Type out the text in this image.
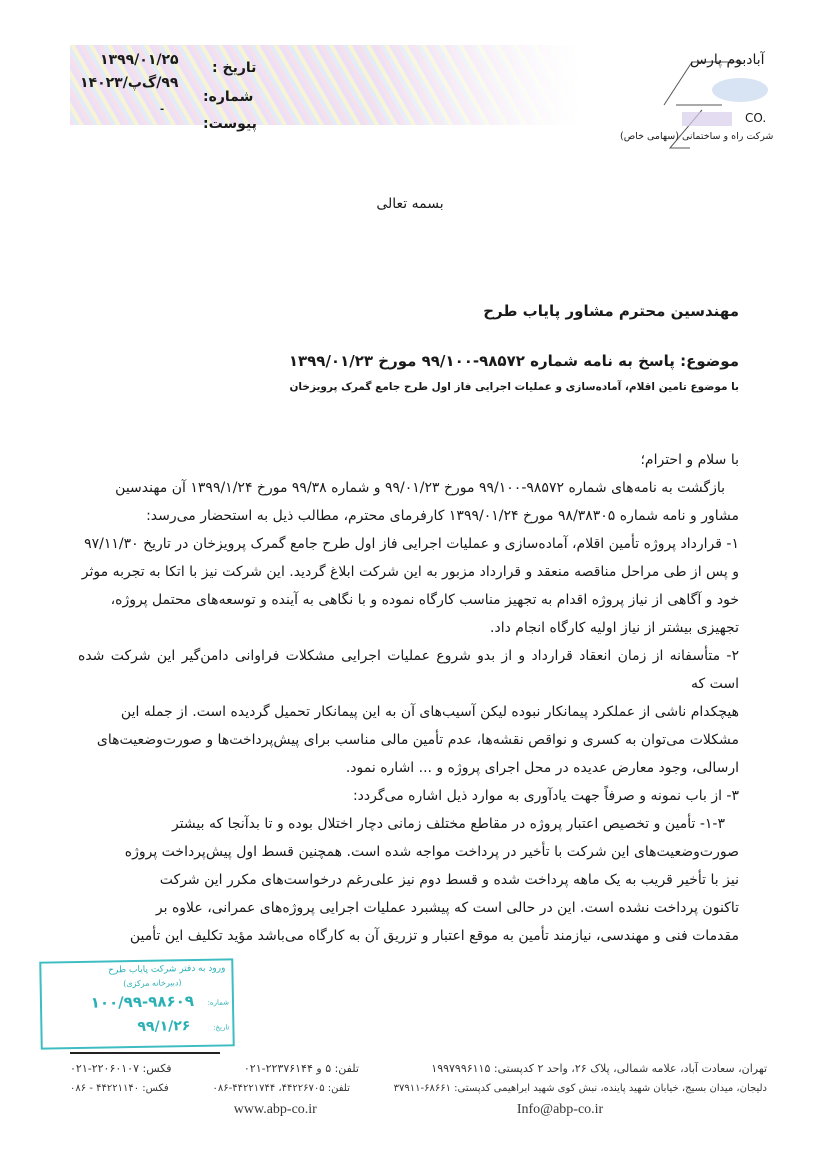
آبادبوم پارس
CO.
شرکت راه و ساختمانی (سهامی خاص)
تاریخ :
۱۳۹۹/۰۱/۲۵
شماره:
۹۹/گ‌پ/۱۴۰۲۳
پیوست:
-
بسمه تعالی
مهندسین محترم مشاور پایاب طرح
موضوع: پاسخ به نامه شماره ۹۸۵۷۲-۹۹/۱۰۰ مورخ ۱۳۹۹/۰۱/۲۳
با موضوع تامین اقلام، آماده‌سازی و عملیات اجرایی فاز اول طرح جامع گمرک پرویزخان
با سلام و احترام؛
بازگشت به نامه‌های شماره ۹۸۵۷۲-۹۹/۱۰۰ مورخ ۹۹/۰۱/۲۳ و شماره ۹۹/۳۸ مورخ ۱۳۹۹/۱/۲۴ آن مهندسین
مشاور و نامه شماره ۹۸/۳۸۳۰۵ مورخ ۱۳۹۹/۰۱/۲۴ کارفرمای محترم، مطالب ذیل به استحضار می‌رسد:
۱- قرارداد پروژه تأمین اقلام، آماده‌سازی و عملیات اجرایی فاز اول طرح جامع گمرک پرویزخان در تاریخ ۹۷/۱۱/۳۰
و پس از طی مراحل مناقصه منعقد و قرارداد مزبور به این شرکت ابلاغ گردید. این شرکت نیز با اتکا به تجربه موثر
خود و آگاهی از نیاز پروژه اقدام به تجهیز مناسب کارگاه نموده و با نگاهی به آینده و توسعه‌های محتمل پروژه،
تجهیزی بیشتر از نیاز اولیه کارگاه انجام داد.
۲- متأسفانه از زمان انعقاد قرارداد و از بدو شروع عملیات اجرایی مشکلات فراوانی دامن‌گیر این شرکت شده است که
هیچکدام ناشی از عملکرد پیمانکار نبوده لیکن آسیب‌های آن به این پیمانکار تحمیل گردیده است. از جمله این
مشکلات می‌توان به کسری و نواقص نقشه‌ها، عدم تأمین مالی مناسب برای پیش‌پرداخت‌ها و صورت‌وضعیت‌های
ارسالی، وجود معارض عدیده در محل اجرای پروژه و ... اشاره نمود.
۳- از باب نمونه و صرفاً جهت یادآوری به موارد ذیل اشاره می‌گردد:
۱-۳- تأمین و تخصیص اعتبار پروژه در مقاطع مختلف زمانی دچار اختلال بوده و تا بدآنجا که بیشتر
صورت‌وضعیت‌های این شرکت با تأخیر در پرداخت مواجه شده است. همچنین قسط اول پیش‌پرداخت پروژه
نیز با تأخیر قریب به یک ماهه پرداخت شده و قسط دوم نیز علی‌رغم درخواست‌های مکرر این شرکت
تاکنون پرداخت نشده است. این در حالی است که پیشبرد عملیات اجرایی پروژه‌های عمرانی، علاوه بر
مقدمات فنی و مهندسی، نیازمند تأمین به موقع اعتبار و تزریق آن به کارگاه می‌باشد مؤید تکلیف این تأمین
ورود به دفتر شرکت پایاب طرح
(دبیرخانه مرکزی)
شماره:
۱۰۰/۹۹-۹۸۶۰۹
تاریخ:
۹۹/۱/۲۶
تهران، سعادت آباد، علامه شمالی، پلاک ۲۶، واحد ۲ کدپستی: ۱۹۹۷۹۹۶۱۱۵
تلفن: ۵ و ۲۲۳۷۶۱۴۴-۰۲۱
فکس: ۲۲۰۶۰۱۰۷-۰۲۱
دلیجان، میدان بسیج، خیابان شهید پاینده، نبش کوی شهید ابراهیمی کدپستی: ۶۸۶۶۱-۳۷۹۱۱
تلفن: ۴۴۲۲۶۷۰۵، ۴۴۲۲۱۷۴۴-۰۸۶
فکس: ۴۴۲۲۱۱۴۰ - ۰۸۶
www.abp-co.ir	Info@abp-co.ir
